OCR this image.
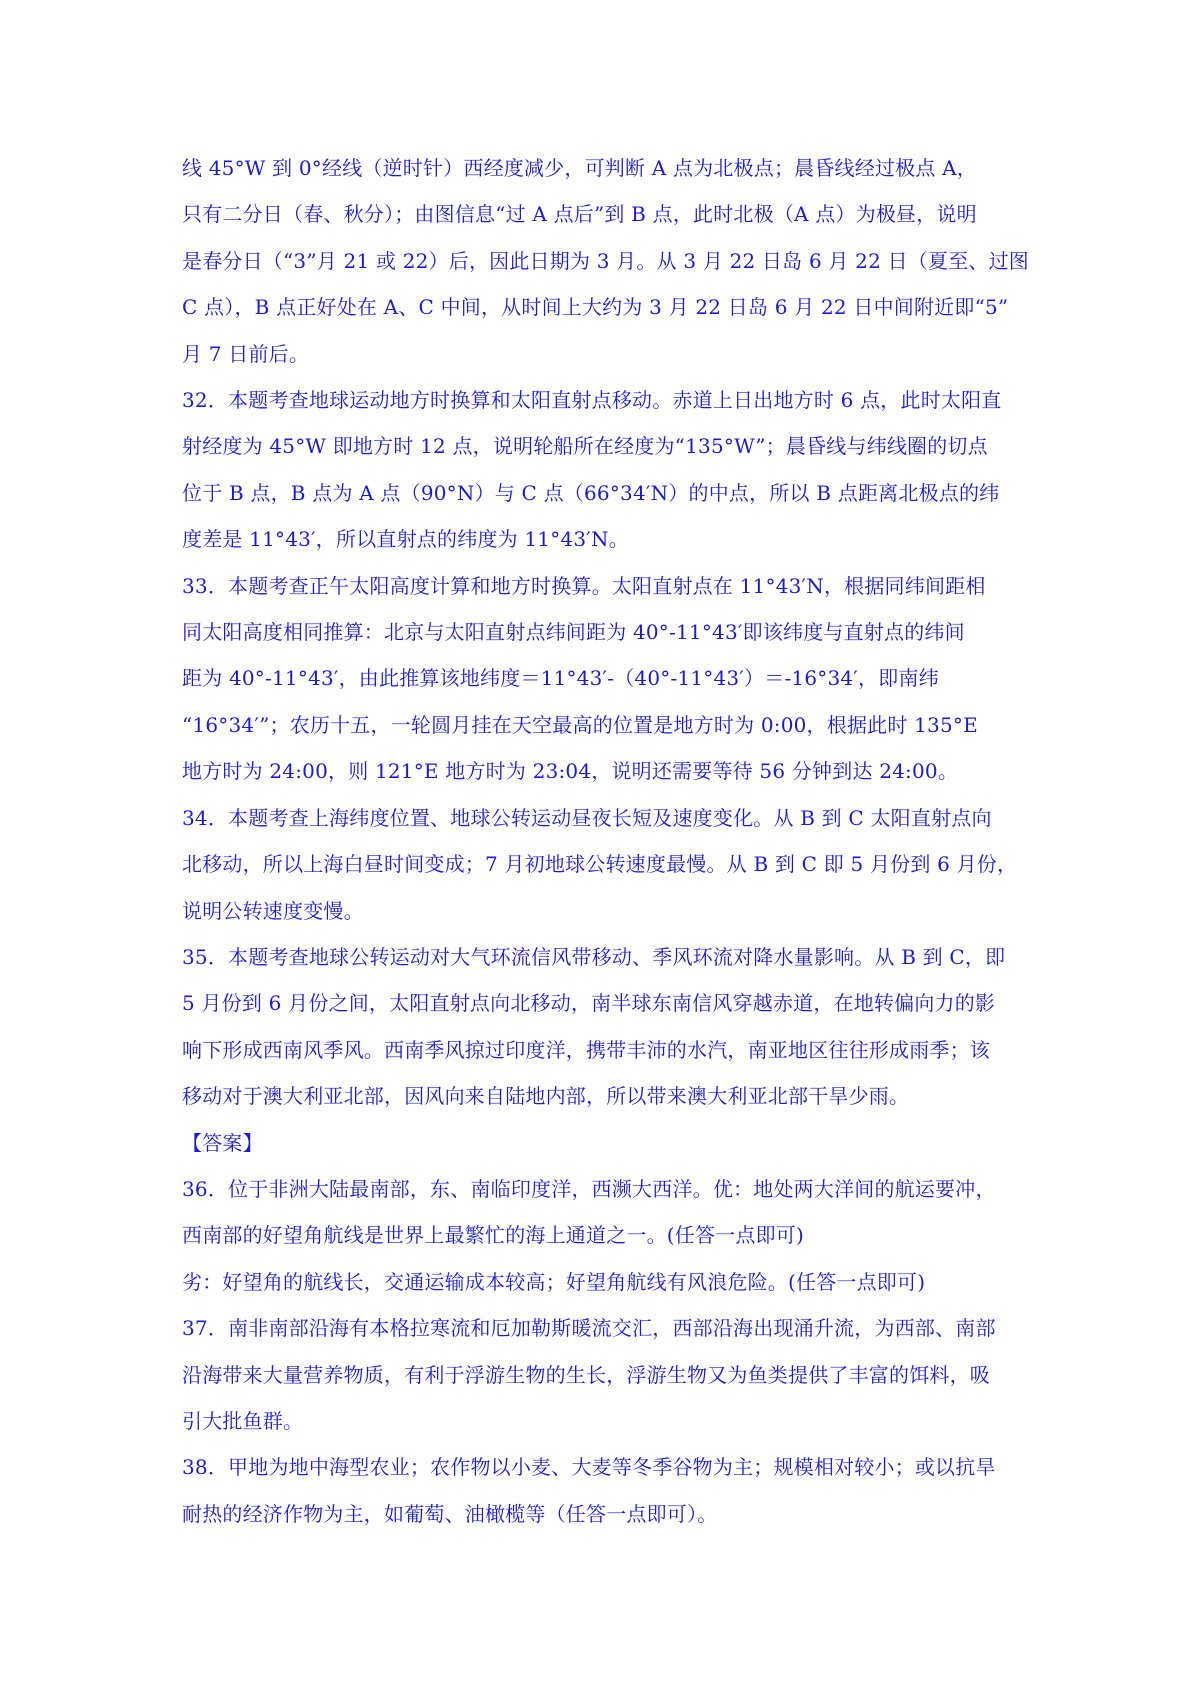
线 45°W 到 0°经线（逆时针）西经度减少，可判断 A 点为北极点；晨昏线经过极点 A，
只有二分日（春、秋分）；由图信息“过 A 点后”到 B 点，此时北极（A 点）为极昼，说明
是春分日（“3”月 21 或 22）后，因此日期为 3 月。从 3 月 22 日岛 6 月 22 日（夏至、过图
C 点），B 点正好处在 A、C 中间，从时间上大约为 3 月 22 日岛 6 月 22 日中间附近即“5”
月 7 日前后。
32．本题考查地球运动地方时换算和太阳直射点移动。赤道上日出地方时 6 点，此时太阳直
射经度为 45°W 即地方时 12 点，说明轮船所在经度为“135°W”；晨昏线与纬线圈的切点
位于 B 点，B 点为 A 点（90°N）与 C 点（66°34′N）的中点，所以 B 点距离北极点的纬
度差是 11°43′，所以直射点的纬度为 11°43′N。
33．本题考查正午太阳高度计算和地方时换算。太阳直射点在 11°43′N，根据同纬间距相
同太阳高度相同推算：北京与太阳直射点纬间距为 40°-11°43′即该纬度与直射点的纬间
距为 40°-11°43′，由此推算该地纬度＝11°43′-（40°-11°43′）＝-16°34′，即南纬
“16°34′”；农历十五，一轮圆月挂在天空最高的位置是地方时为 0:00，根据此时 135°E
地方时为 24:00，则 121°E 地方时为 23:04，说明还需要等待 56 分钟到达 24:00。
34．本题考查上海纬度位置、地球公转运动昼夜长短及速度变化。从 B 到 C 太阳直射点向
北移动，所以上海白昼时间变成；7 月初地球公转速度最慢。从 B 到 C 即 5 月份到 6 月份，
说明公转速度变慢。
35．本题考查地球公转运动对大气环流信风带移动、季风环流对降水量影响。从 B 到 C，即
5 月份到 6 月份之间，太阳直射点向北移动，南半球东南信风穿越赤道，在地转偏向力的影
响下形成西南风季风。西南季风掠过印度洋，携带丰沛的水汽，南亚地区往往形成雨季；该
移动对于澳大利亚北部，因风向来自陆地内部，所以带来澳大利亚北部干旱少雨。
【答案】
36．位于非洲大陆最南部，东、南临印度洋，西濒大西洋。优：地处两大洋间的航运要冲，
西南部的好望角航线是世界上最繁忙的海上通道之一。(任答一点即可)
劣：好望角的航线长，交通运输成本较高；好望角航线有风浪危险。(任答一点即可)
37．南非南部沿海有本格拉寒流和厄加勒斯暖流交汇，西部沿海出现涌升流，为西部、南部
沿海带来大量营养物质，有利于浮游生物的生长，浮游生物又为鱼类提供了丰富的饵料，吸
引大批鱼群。
38．甲地为地中海型农业；农作物以小麦、大麦等冬季谷物为主；规模相对较小；或以抗旱
耐热的经济作物为主，如葡萄、油橄榄等（任答一点即可）。
